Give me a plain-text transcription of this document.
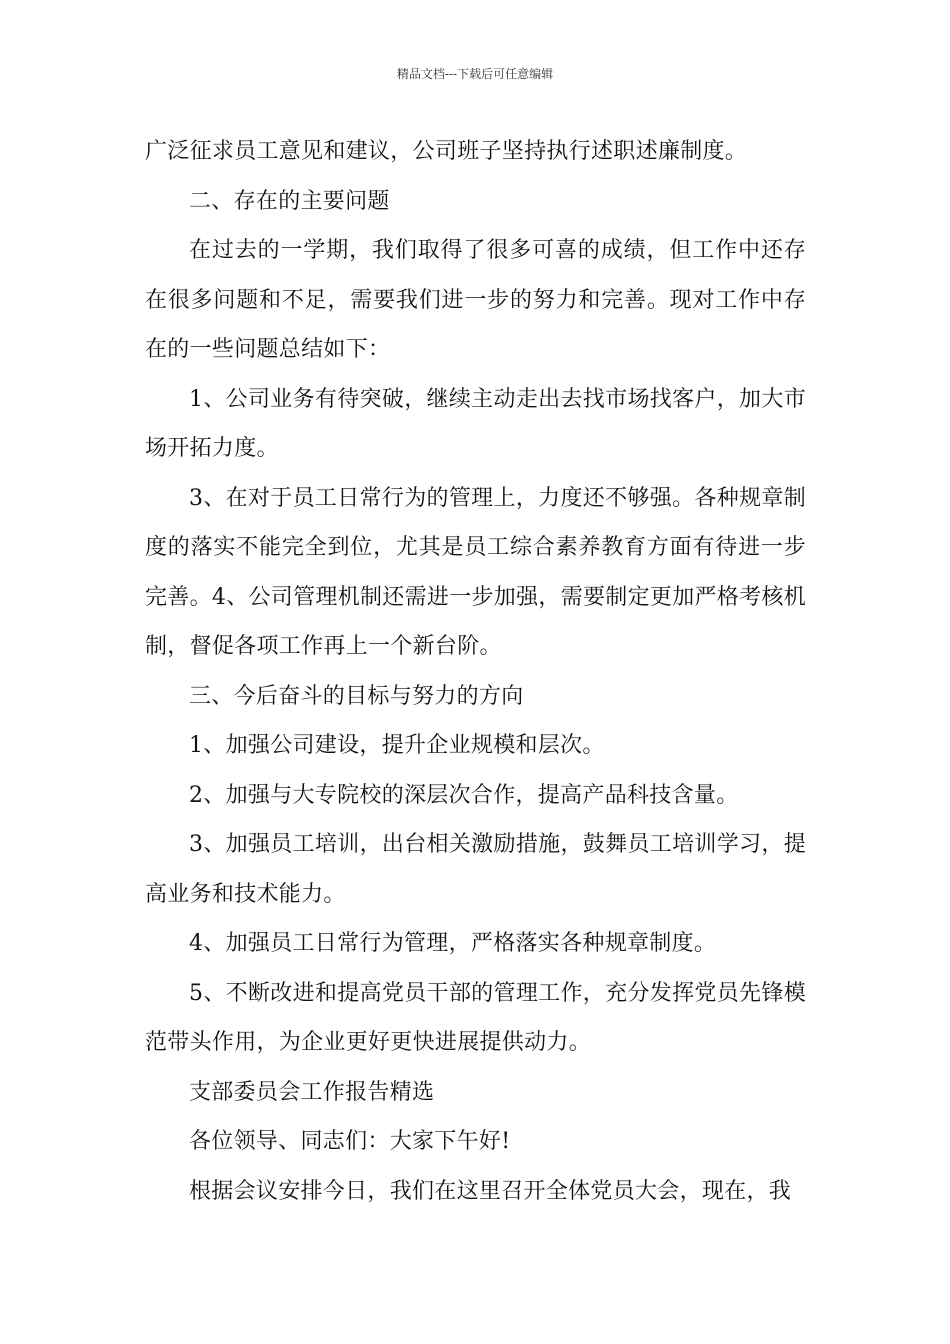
精品文档---下载后可任意编辑

广泛征求员工意见和建议，公司班子坚持执行述职述廉制度。

二、存在的主要问题

在过去的一学期，我们取得了很多可喜的成绩，但工作中还存在很多问题和不足，需要我们进一步的努力和完善。现对工作中存在的一些问题总结如下：

1、公司业务有待突破，继续主动走出去找市场找客户，加大市场开拓力度。

3、在对于员工日常行为的管理上，力度还不够强。各种规章制度的落实不能完全到位，尤其是员工综合素养教育方面有待进一步完善。4、公司管理机制还需进一步加强，需要制定更加严格考核机制，督促各项工作再上一个新台阶。

三、今后奋斗的目标与努力的方向

1、加强公司建设，提升企业规模和层次。

2、加强与大专院校的深层次合作，提高产品科技含量。

3、加强员工培训，出台相关激励措施，鼓舞员工培训学习，提高业务和技术能力。

4、加强员工日常行为管理，严格落实各种规章制度。

5、不断改进和提高党员干部的管理工作，充分发挥党员先锋模范带头作用，为企业更好更快进展提供动力。

支部委员会工作报告精选

各位领导、同志们：大家下午好!

根据会议安排今日，我们在这里召开全体党员大会，现在，我
